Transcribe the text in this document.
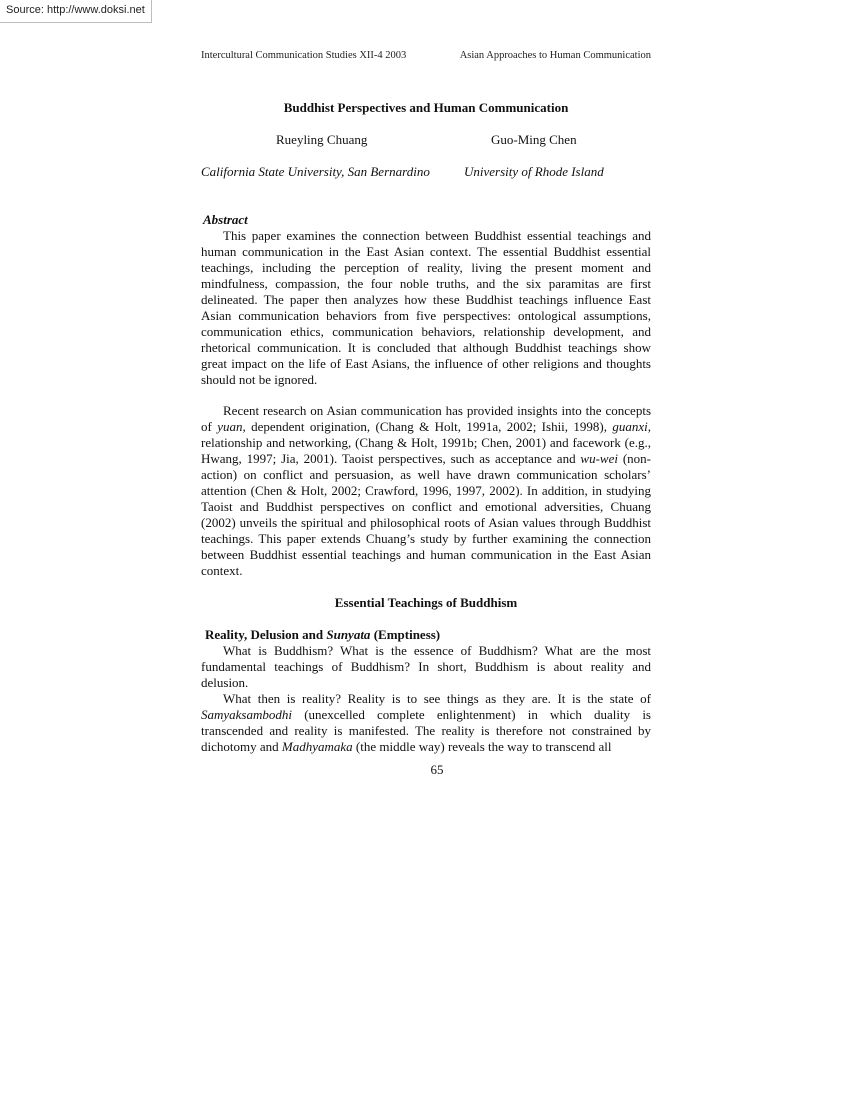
Source: http://www.doksi.net
Intercultural Communication Studies XII-4 2003	Asian Approaches to Human Communication
Buddhist Perspectives and Human Communication
Rueyling Chuang	Guo-Ming Chen
California State University, San Bernardino	University of Rhode Island
Abstract

This paper examines the connection between Buddhist essential teachings and human communication in the East Asian context. The essential Buddhist essential teachings, including the perception of reality, living the present moment and mindfulness, compassion, the four noble truths, and the six paramitas are first delineated. The paper then analyzes how these Buddhist teachings influence East Asian communication behaviors from five perspectives: ontological assumptions, communication ethics, communication behaviors, relationship development, and rhetorical communication. It is concluded that although Buddhist teachings show great impact on the life of East Asians, the influence of other religions and thoughts should not be ignored.

Recent research on Asian communication has provided insights into the concepts of yuan, dependent origination, (Chang & Holt, 1991a, 2002; Ishii, 1998), guanxi, relationship and networking, (Chang & Holt, 1991b; Chen, 2001) and facework (e.g., Hwang, 1997; Jia, 2001). Taoist perspectives, such as acceptance and wu-wei (non-action) on conflict and persuasion, as well have drawn communication scholars’ attention (Chen & Holt, 2002; Crawford, 1996, 1997, 2002). In addition, in studying Taoist and Buddhist perspectives on conflict and emotional adversities, Chuang (2002) unveils the spiritual and philosophical roots of Asian values through Buddhist teachings. This paper extends Chuang’s study by further examining the connection between Buddhist essential teachings and human communication in the East Asian context.

Essential Teachings of Buddhism
Reality, Delusion and Sunyata (Emptiness)

What is Buddhism? What is the essence of Buddhism? What are the most fundamental teachings of Buddhism? In short, Buddhism is about reality and delusion.

What then is reality? Reality is to see things as they are. It is the state of Samyaksambodhi (unexcelled complete enlightenment) in which duality is transcended and reality is manifested. The reality is therefore not constrained by dichotomy and Madhyamaka (the middle way) reveals the way to transcend all

65
